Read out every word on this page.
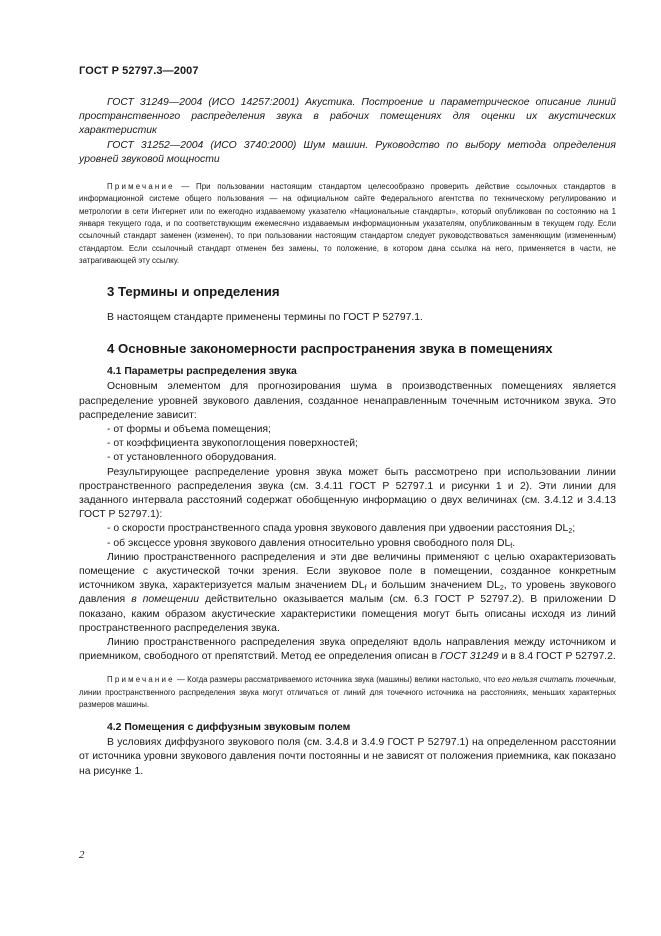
ГОСТ Р 52797.3—2007

ГОСТ 31249—2004 (ИСО 14257:2001) Акустика. Построение и параметрическое описание линий пространственного распределения звука в рабочих помещениях для оценки их акустических характеристик

ГОСТ 31252—2004 (ИСО 3740:2000) Шум машин. Руководство по выбору метода определения уровней звуковой мощности

Примечание — При пользовании настоящим стандартом целесообразно проверить действие ссылочных стандартов в информационной системе общего пользования — на официальном сайте Федерального агентства по техническому регулированию и метрологии в сети Интернет или по ежегодно издаваемому указателю «Национальные стандарты», который опубликован по состоянию на 1 января текущего года, и по соответствующим ежемесячно издаваемым информационным указателям, опубликованным в текущем году. Если ссылочный стандарт заменен (изменен), то при пользовании настоящим стандартом следует руководствоваться заменяющим (измененным) стандартом. Если ссылочный стандарт отменен без замены, то положение, в котором дана ссылка на него, применяется в части, не затрагивающей эту ссылку.

3 Термины и определения

В настоящем стандарте применены термины по ГОСТ Р 52797.1.

4 Основные закономерности распространения звука в помещениях

4.1 Параметры распределения звука

Основным элементом для прогнозирования шума в производственных помещениях является распределение уровней звукового давления, созданное ненаправленным точечным источником звука. Это распределение зависит:

- от формы и объема помещения;

- от коэффициента звукопоглощения поверхностей;

- от установленного оборудования.

Результирующее распределение уровня звука может быть рассмотрено при использовании линии пространственного распределения звука (см. 3.4.11 ГОСТ Р 52797.1 и рисунки 1 и 2). Эти линии для заданного интервала расстояний содержат обобщенную информацию о двух величинах (см. 3.4.12 и 3.4.13 ГОСТ Р 52797.1):

- о скорости пространственного спада уровня звукового давления при удвоении расстояния $DL_2$;

- об эксцессе уровня звукового давления относительно уровня свободного поля $DL_f$.

Линию пространственного распределения и эти две величины применяют с целью охарактеризовать помещение с акустической точки зрения. Если звуковое поле в помещении, созданное конкретным источником звука, характеризуется малым значением $DL_f$ и большим значением $DL_2$, то уровень звукового давления в помещении действительно оказывается малым (см. 6.3 ГОСТ Р 52797.2). В приложении D показано, каким образом акустические характеристики помещения могут быть описаны исходя из линий пространственного распределения звука.

Линию пространственного распределения звука определяют вдоль направления между источником и приемником, свободного от препятствий. Метод ее определения описан в ГОСТ 31249 и в 8.4 ГОСТ Р 52797.2.

Примечание — Когда размеры рассматриваемого источника звука (машины) велики настолько, что его нельзя считать точечным, линии пространственного распределения звука могут отличаться от линий для точечного источника на расстояниях, меньших характерных размеров машины.

4.2 Помещения с диффузным звуковым полем

В условиях диффузного звукового поля (см. 3.4.8 и 3.4.9 ГОСТ Р 52797.1) на определенном расстоянии от источника уровни звукового давления почти постоянны и не зависят от положения приемника, как показано на рисунке 1.

2
